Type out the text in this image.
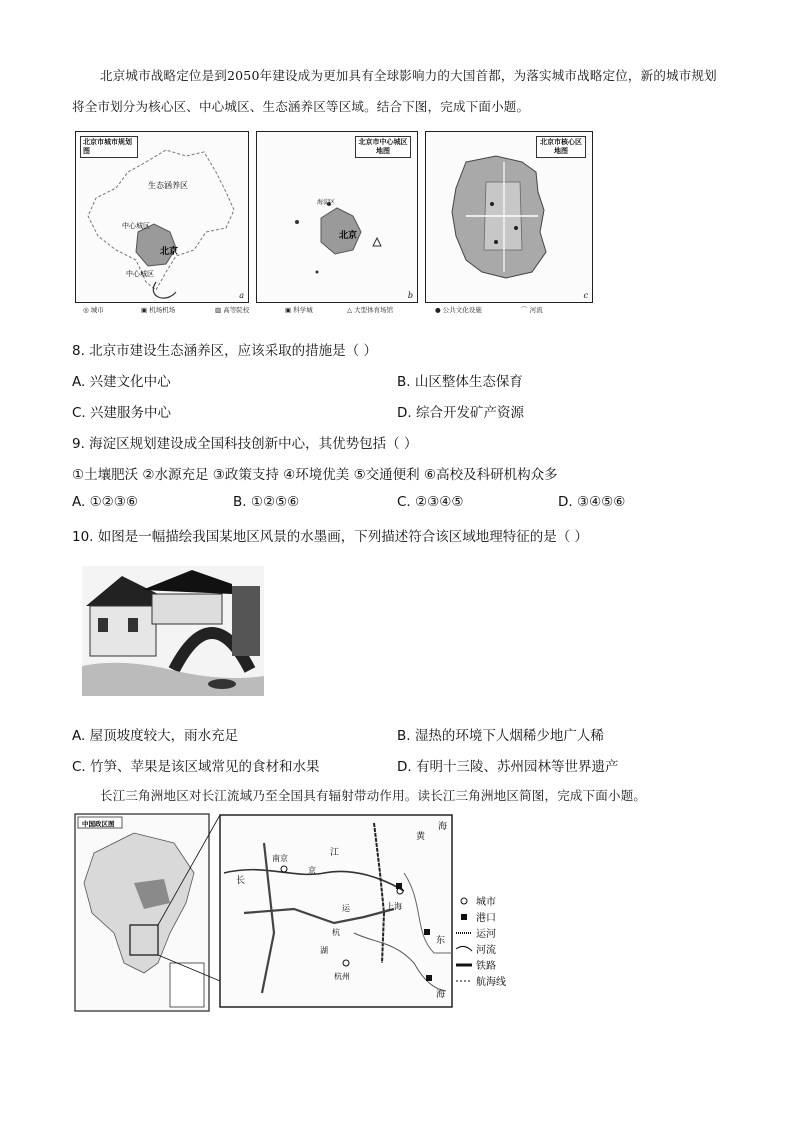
北京城市战略定位是到2050年建设成为更加具有全球影响力的大国首都，为落实城市战略定位，新的城市规划将全市划分为核心区、中心城区、生态涵养区等区域。结合下图，完成下面小题。
生态涵养区
中心城区
北京
中心城区
北京市城市规划图
a
海淀区
北京
北京市中心城区地图
b
北京市核心区地图
c
◎ 城市	▣ 机场机场	▨ 高等院校	▣ 科学城	△ 大型体育场馆	● 公共文化设施	⌒ 河流
8. 北京市建设生态涵养区，应该采取的措施是（ ）
A. 兴建文化中心	B. 山区整体生态保育
C. 兴建服务中心	D. 综合开发矿产资源
9. 海淀区规划建设成全国科技创新中心，其优势包括（ ）
①土壤肥沃 ②水源充足 ③政策支持 ④环境优美 ⑤交通便利 ⑥高校及科研机构众多
A. ①②③⑥	B. ①②⑤⑥	C. ②③④⑤	D. ③④⑤⑥
10. 如图是一幅描绘我国某地区风景的水墨画，下列描述符合该区域地理特征的是（ ）
A. 屋顶坡度较大，雨水充足	B. 湿热的环境下人烟稀少地广人稀
C. 竹笋、苹果是该区域常见的食材和水果	D. 有明十三陵、苏州园林等世界遗产
长江三角洲地区对长江流域乃至全国具有辐射带动作用。读长江三角洲地区简图，完成下面小题。
中国政区图
南京
长
江
京
杭
运	上海
杭州
湖
黄
海
东
海
城市
港口
运河
河流
铁路
航海线
